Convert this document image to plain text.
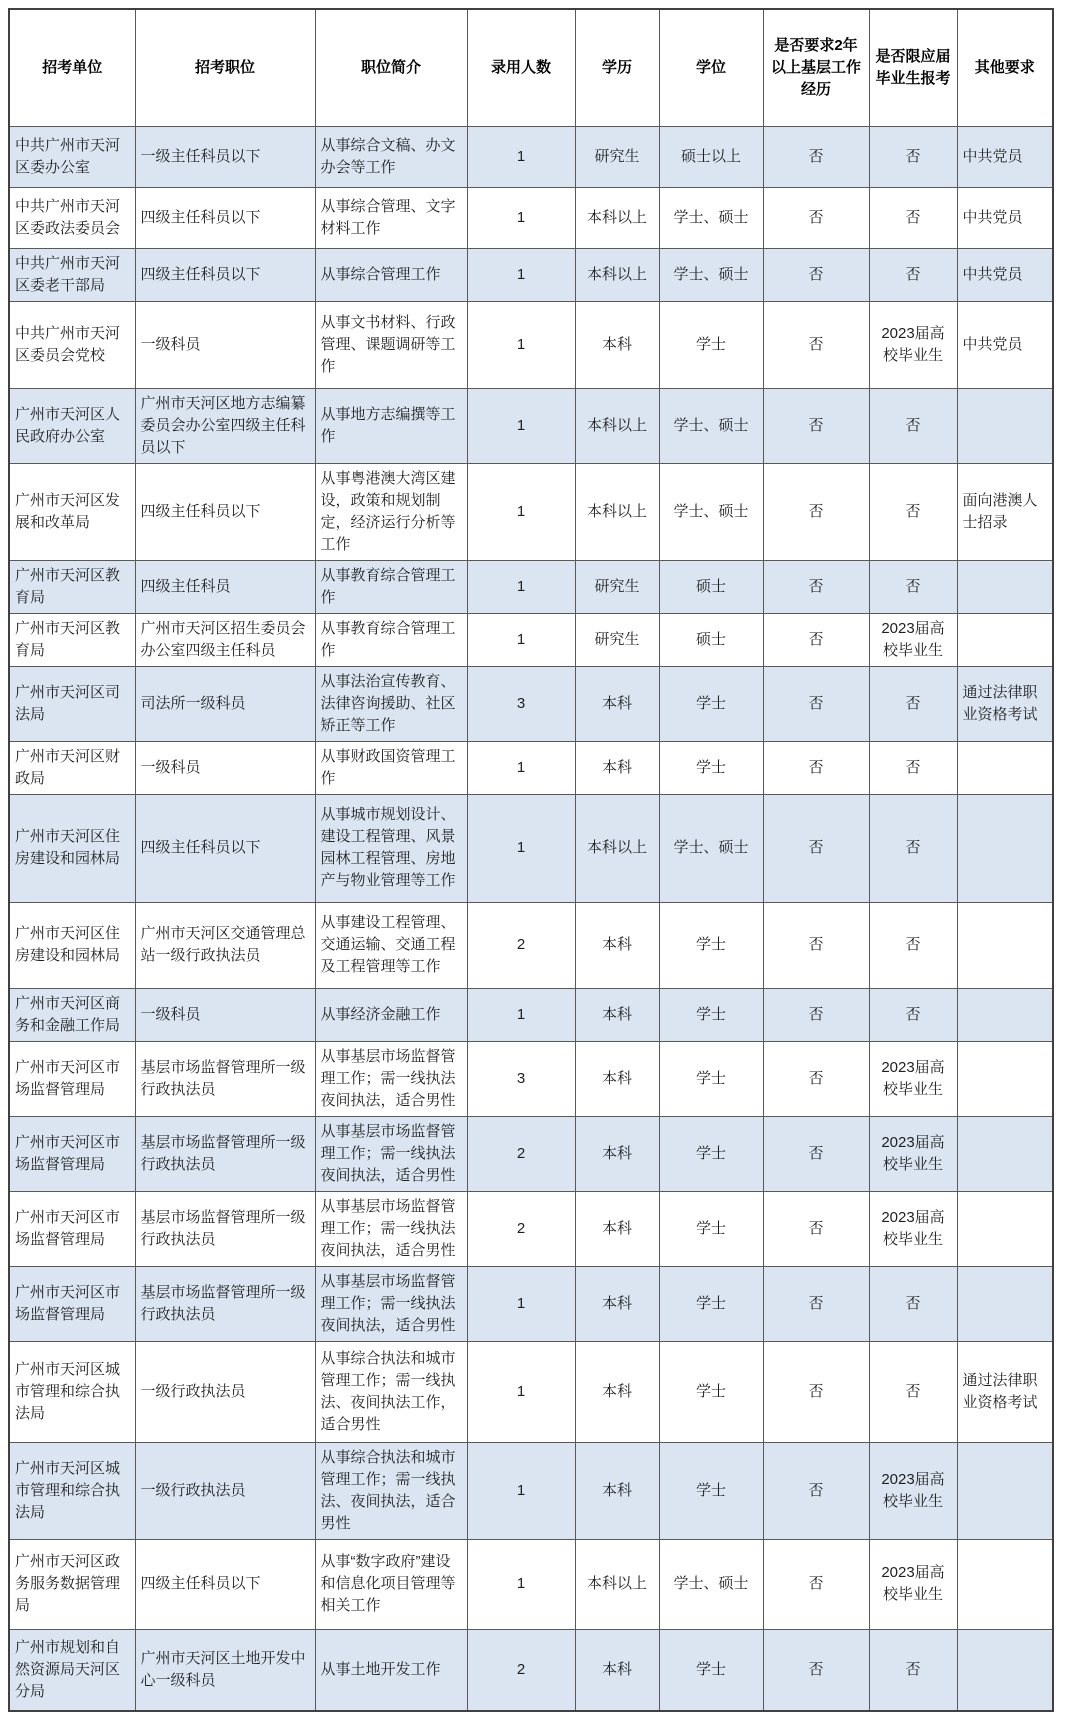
招考单位	招考职位	职位简介	录用人数	学历	学位	是否要求2年以上基层工作经历	是否限应届毕业生报考	其他要求
中共广州市天河区委办公室	一级主任科员以下	从事综合文稿、办文办会等工作	1	研究生	硕士以上	否	否	中共党员
中共广州市天河区委政法委员会	四级主任科员以下	从事综合管理、文字材料工作	1	本科以上	学士、硕士	否	否	中共党员
中共广州市天河区委老干部局	四级主任科员以下	从事综合管理工作	1	本科以上	学士、硕士	否	否	中共党员
中共广州市天河区委员会党校	一级科员	从事文书材料、行政管理、课题调研等工作	1	本科	学士	否	2023届高校毕业生	中共党员
广州市天河区人民政府办公室	广州市天河区地方志编纂委员会办公室四级主任科员以下	从事地方志编撰等工作	1	本科以上	学士、硕士	否	否	
广州市天河区发展和改革局	四级主任科员以下	从事粤港澳大湾区建设，政策和规划制定，经济运行分析等工作	1	本科以上	学士、硕士	否	否	面向港澳人士招录
广州市天河区教育局	四级主任科员	从事教育综合管理工作	1	研究生	硕士	否	否	
广州市天河区教育局	广州市天河区招生委员会办公室四级主任科员	从事教育综合管理工作	1	研究生	硕士	否	2023届高校毕业生	
广州市天河区司法局	司法所一级科员	从事法治宣传教育、法律咨询援助、社区矫正等工作	3	本科	学士	否	否	通过法律职业资格考试
广州市天河区财政局	一级科员	从事财政国资管理工作	1	本科	学士	否	否	
广州市天河区住房建设和园林局	四级主任科员以下	从事城市规划设计、建设工程管理、风景园林工程管理、房地产与物业管理等工作	1	本科以上	学士、硕士	否	否	
广州市天河区住房建设和园林局	广州市天河区交通管理总站一级行政执法员	从事建设工程管理、交通运输、交通工程及工程管理等工作	2	本科	学士	否	否	
广州市天河区商务和金融工作局	一级科员	从事经济金融工作	1	本科	学士	否	否	
广州市天河区市场监督管理局	基层市场监督管理所一级行政执法员	从事基层市场监督管理工作；需一线执法夜间执法，适合男性	3	本科	学士	否	2023届高校毕业生	
广州市天河区市场监督管理局	基层市场监督管理所一级行政执法员	从事基层市场监督管理工作；需一线执法夜间执法，适合男性	2	本科	学士	否	2023届高校毕业生	
广州市天河区市场监督管理局	基层市场监督管理所一级行政执法员	从事基层市场监督管理工作；需一线执法夜间执法，适合男性	2	本科	学士	否	2023届高校毕业生	
广州市天河区市场监督管理局	基层市场监督管理所一级行政执法员	从事基层市场监督管理工作；需一线执法夜间执法，适合男性	1	本科	学士	否	否	
广州市天河区城市管理和综合执法局	一级行政执法员	从事综合执法和城市管理工作；需一线执法、夜间执法工作，适合男性	1	本科	学士	否	否	通过法律职业资格考试
广州市天河区城市管理和综合执法局	一级行政执法员	从事综合执法和城市管理工作；需一线执法、夜间执法，适合男性	1	本科	学士	否	2023届高校毕业生	
广州市天河区政务服务数据管理局	四级主任科员以下	从事“数字政府”建设和信息化项目管理等相关工作	1	本科以上	学士、硕士	否	2023届高校毕业生	
广州市规划和自然资源局天河区分局	广州市天河区土地开发中心一级科员	从事土地开发工作	2	本科	学士	否	否	
